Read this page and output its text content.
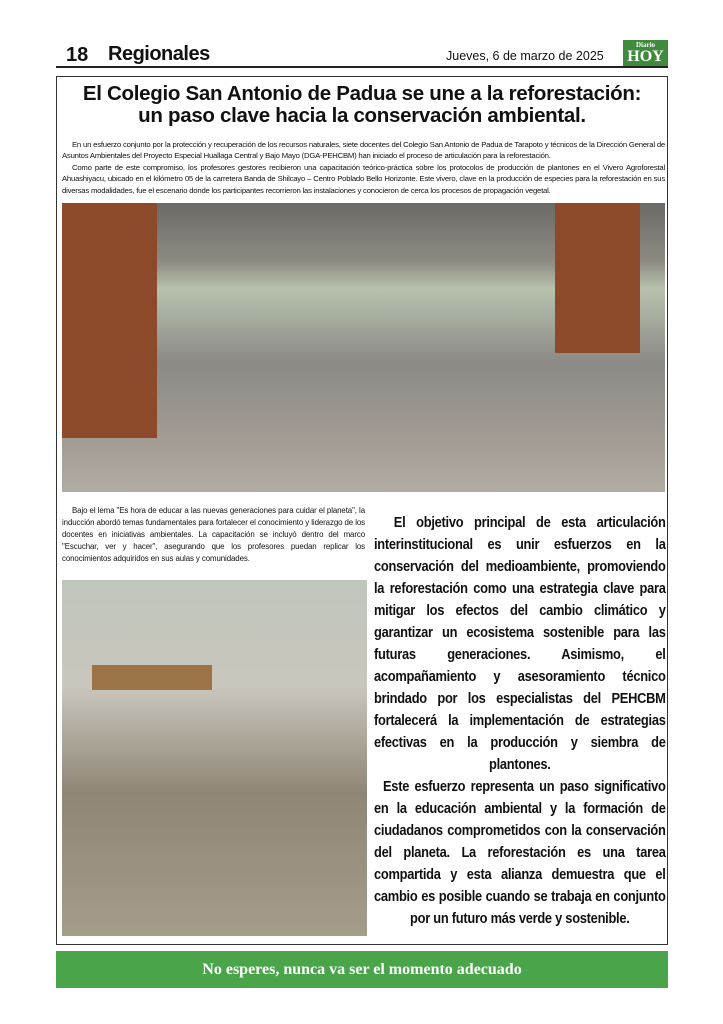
18 Regionales	Jueves, 6 de marzo de 2025
Diario
HOY
El Colegio San Antonio de Padua se une a la reforestación: un paso clave hacia la conservación ambiental.

En un esfuerzo conjunto por la protección y recuperación de los recursos naturales, siete docentes del Colegio San Antonio de Padua de Tarapoto y técnicos de la Dirección General de Asuntos Ambientales del Proyecto Especial Huallaga Central y Bajo Mayo (DGA-PEHCBM) han iniciado el proceso de articulación para la reforestación.

Como parte de este compromiso, los profesores gestores recibieron una capacitación teórico-práctica sobre los protocolos de producción de plantones en el Vivero Agroforestal Ahuashiyacu, ubicado en el kilómetro 05 de la carretera Banda de Shilcayo – Centro Poblado Bello Horizonte. Este vivero, clave en la producción de especies para la reforestación en sus diversas modalidades, fue el escenario donde los participantes recorrieron las instalaciones y conocieron de cerca los procesos de propagación vegetal.

Bajo el lema "Es hora de educar a las nuevas generaciones para cuidar el planeta", la inducción abordó temas fundamentales para fortalecer el conocimiento y liderazgo de los docentes en iniciativas ambientales. La capacitación se incluyó dentro del marco "Escuchar, ver y hacer", asegurando que los profesores puedan replicar los conocimientos adquiridos en sus aulas y comunidades.

El objetivo principal de esta articulación interinstitucional es unir esfuerzos en la conservación del medioambiente, promoviendo la reforestación como una estrategia clave para mitigar los efectos del cambio climático y garantizar un ecosistema sostenible para las futuras generaciones. Asimismo, el acompañamiento y asesoramiento técnico brindado por los especialistas del PEHCBM fortalecerá la implementación de estrategias efectivas en la producción y siembra de plantones.

Este esfuerzo representa un paso significativo en la educación ambiental y la formación de ciudadanos comprometidos con la conservación del planeta. La reforestación es una tarea compartida y esta alianza demuestra que el cambio es posible cuando se trabaja en conjunto por un futuro más verde y sostenible.

No esperes, nunca va ser el momento adecuado
